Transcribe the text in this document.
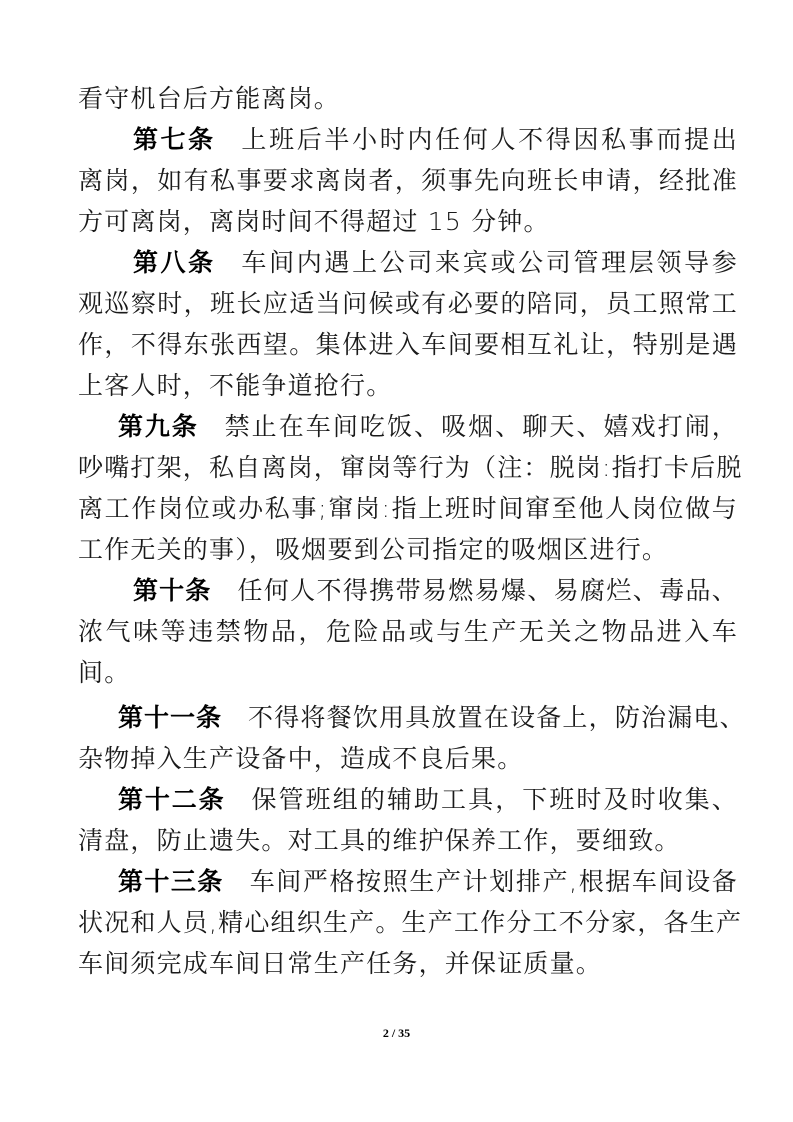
看守机台后方能离岗。
第七条 上班后半小时内任何人不得因私事而提出
离岗，如有私事要求离岗者，须事先向班长申请，经批准
方可离岗，离岗时间不得超过 15 分钟。
第八条 车间内遇上公司来宾或公司管理层领导参
观巡察时，班长应适当问候或有必要的陪同，员工照常工
作，不得东张西望。集体进入车间要相互礼让，特别是遇
上客人时，不能争道抢行。
第九条 禁止在车间吃饭、吸烟、聊天、嬉戏打闹，
吵嘴打架，私自离岗，窜岗等行为（注：脱岗:指打卡后脱
离工作岗位或办私事;窜岗:指上班时间窜至他人岗位做与
工作无关的事），吸烟要到公司指定的吸烟区进行。
第十条 任何人不得携带易燃易爆、易腐烂、毒品、
浓气味等违禁物品，危险品或与生产无关之物品进入车
间。
第十一条 不得将餐饮用具放置在设备上，防治漏电、
杂物掉入生产设备中，造成不良后果。
第十二条 保管班组的辅助工具，下班时及时收集、
清盘，防止遗失。对工具的维护保养工作，要细致。
第十三条 车间严格按照生产计划排产,根据车间设备
状况和人员,精心组织生产。生产工作分工不分家，各生产
车间须完成车间日常生产任务，并保证质量。
2 / 35
